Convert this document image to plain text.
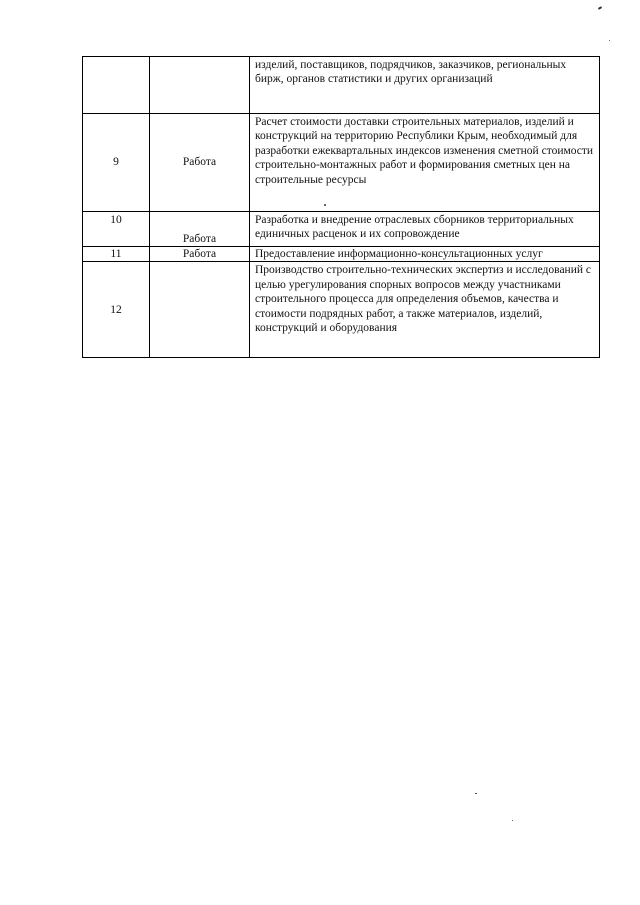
		изделий, поставщиков, подрядчиков, заказчиков, региональных бирж, органов статистики и других организаций
9	Работа	Расчет стоимости доставки строительных материалов, изделий и конструкций на территорию Республики Крым, необходимый для разработки ежеквартальных индексов изменения сметной стоимости строительно-монтажных работ и формирования сметных цен на строительные ресурсы

10	Работа	Разработка и внедрение отраслевых сборников территориальных единичных расценок и их сопровождение
11	Работа	Предоставление информационно-консультационных услуг
12		Производство строительно-технических экспертиз и исследований с целью урегулирования спорных вопросов между участниками строительного процесса для определения объемов, качества и стоимости подрядных работ, а также материалов, изделий, конструкций и оборудования
